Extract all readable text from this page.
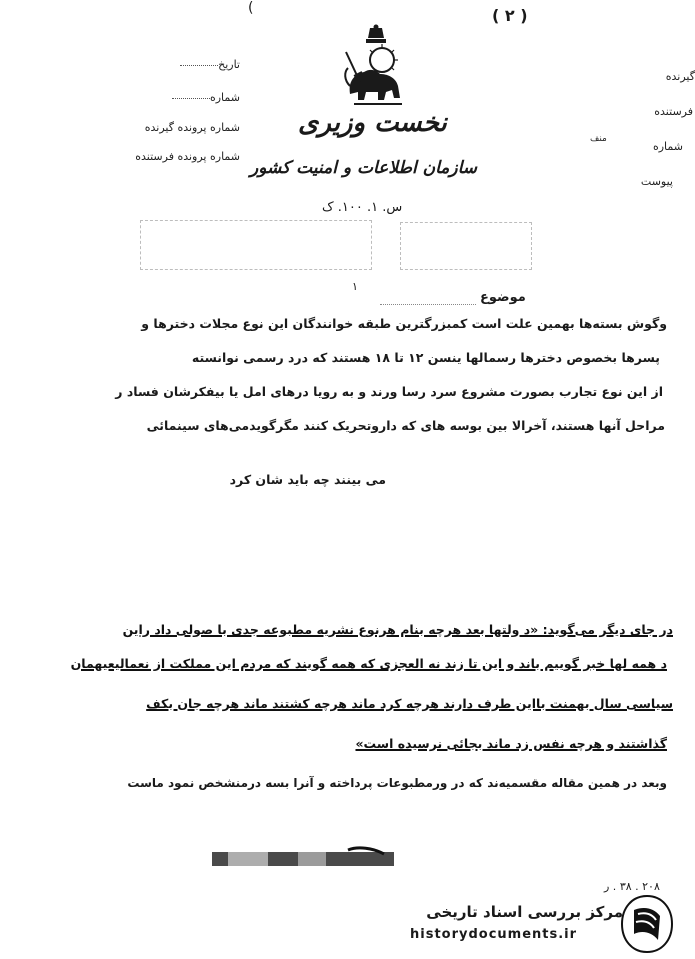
(	( ۲ )
تاریخ
شماره
شماره پرونده گیرنده
شماره پرونده فرستنده
گیرنده
فرستنده
شماره
منف
پیوست
نخست وزیری
سازمان اطلاعات و امنیت کشور
س. ۱. ۱۰۰. ک
۱
موضوع
وگوش بسته‌ها بهمین علت است کمبزرگترین طبقه خوانندگان این نوع مجلات دختر‌ها و
پسرها بخصوص دختر‌ها رسمالها ینسن ۱۲ تا ۱۸ هستند که درد رسمی نوانسته
از این نوع تجارب بصورت مشروع سرد رسا ورند و به رویا در‌های امل یا بیفکرشان فساد ر
مراحل آنها هستند، آخرالا بین بوسه های که داروتحریک کنند مگرگویدمی‌های سینمائی
می بینند چه باید شان کرد
در جای دیگر می‌گوید: «د ولتها بعد هرچه بنام هرنوع نشریه مطبوعه جدی با صولی داد راین
د همه لها خبر گوییم باند و این تا زند نه العجزی که همه گویند که مردم این مملکت از نعمالیعیهمان
سیاسی سال بهمنت بااین طرف دارند هرچه کرد ماند هرچه کشتند ماند هرچه جان بکف
گذاشتند و هرچه نفس زد ماند بجائی نرسیده است»
وبعد در همین مقاله مقسمیه‌ند که در ورمطبوعات پرداخته و آنرا بسه درمنشخص نمود ماست
۲۰۸ . ۳۸ . ر
مرکز بررسی اسناد تاریخی
historydocuments.ir
